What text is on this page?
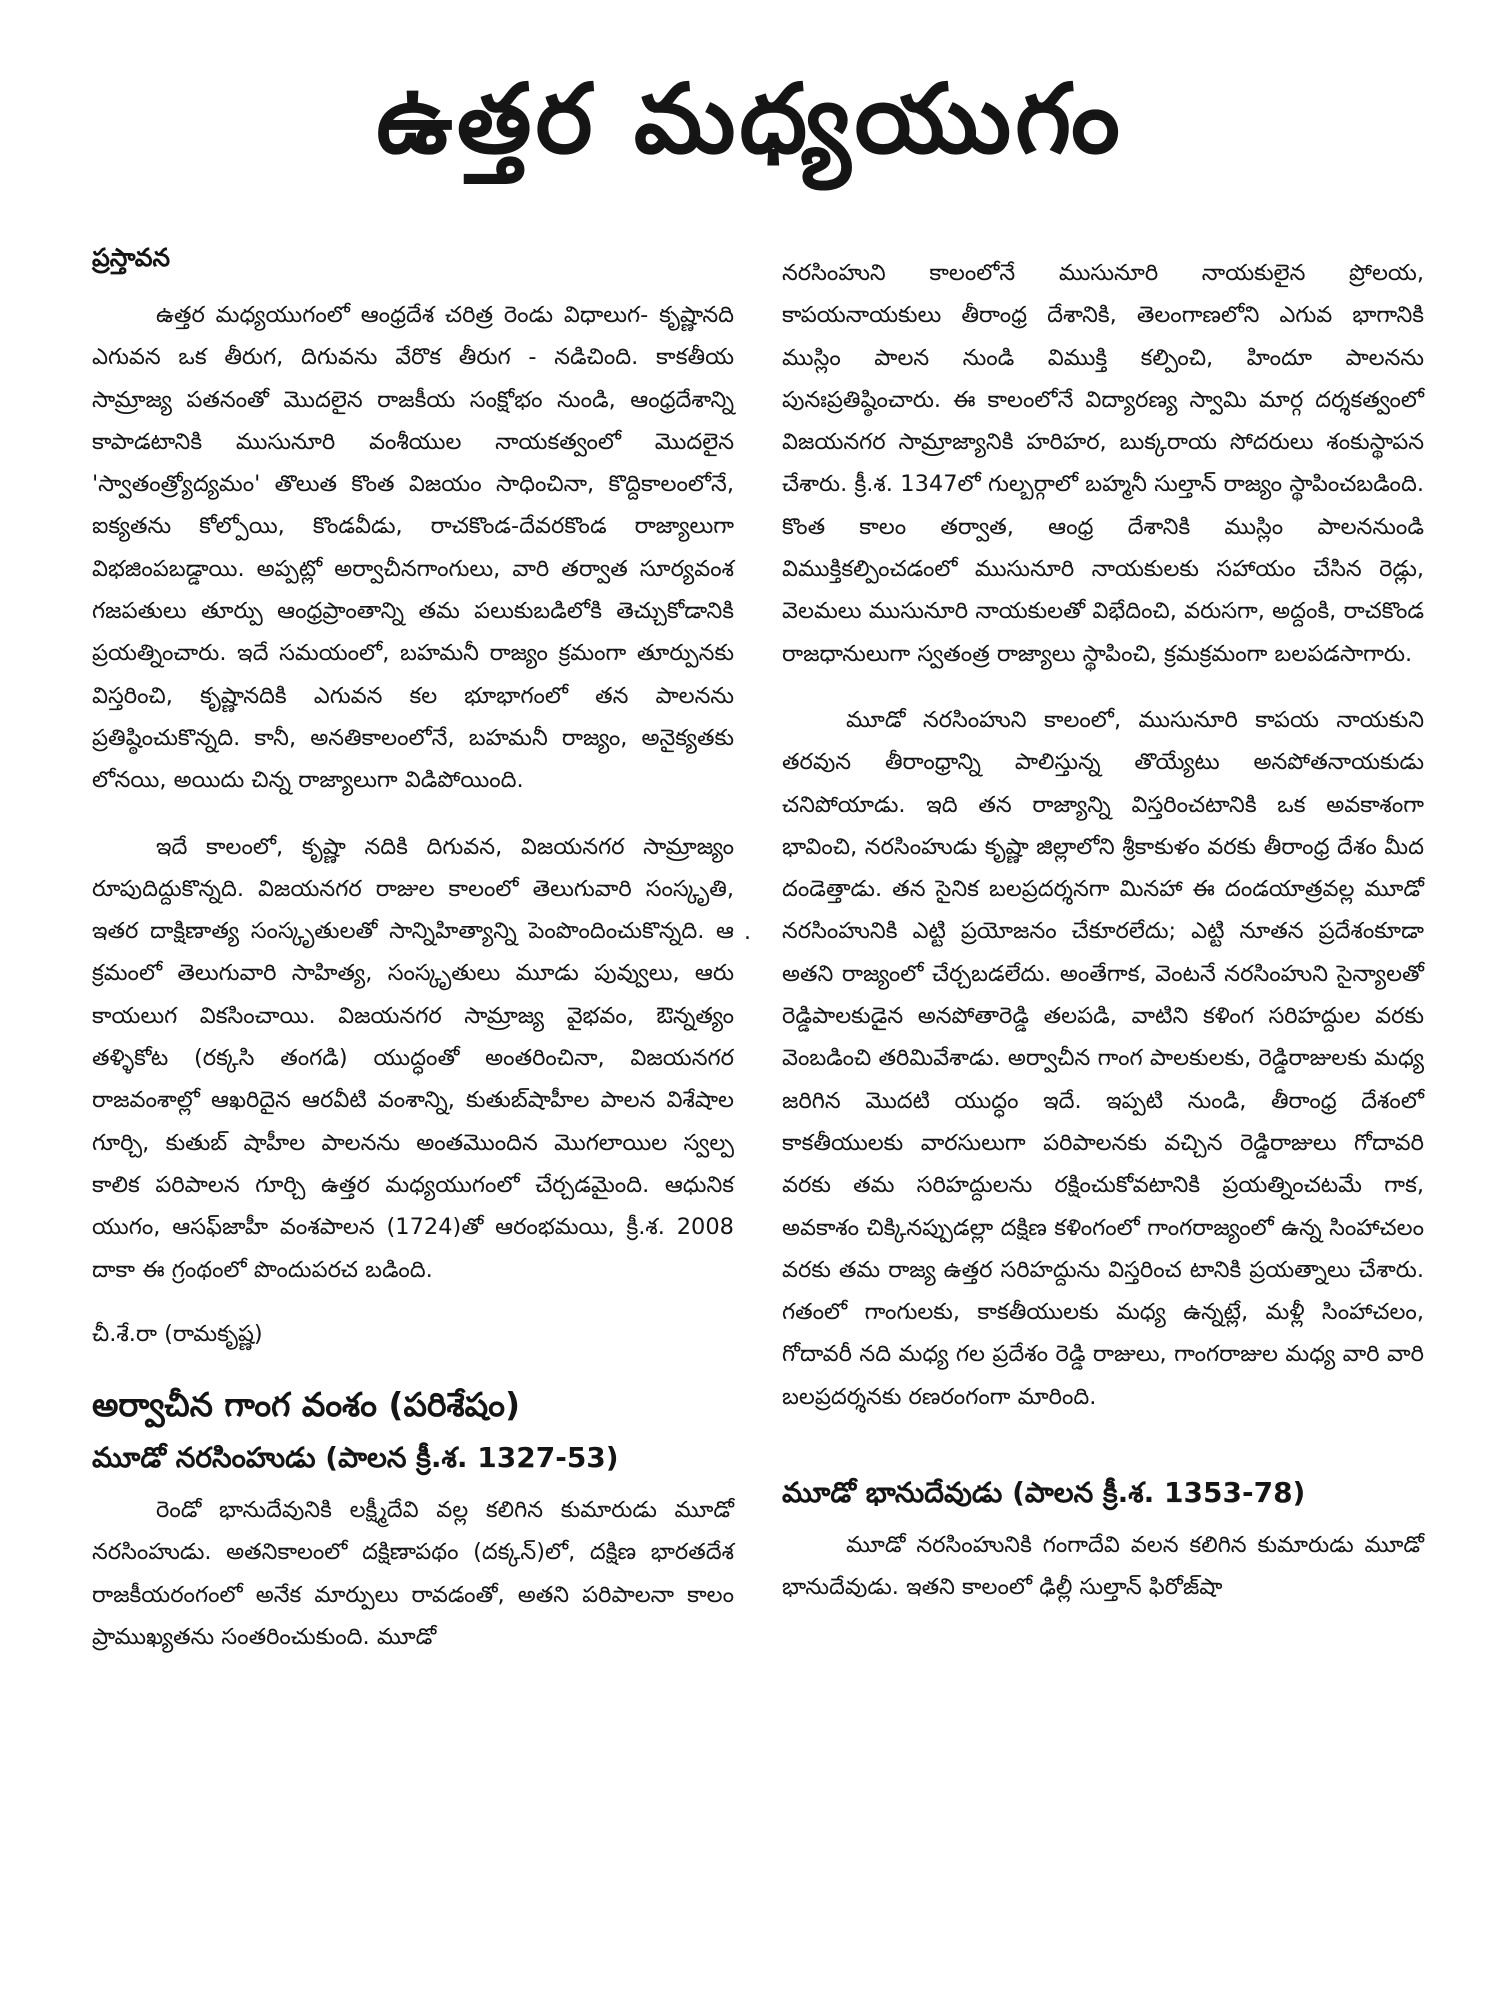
ఉత్తర మధ్యయుగం
ప్రస్తావన

ఉత్తర మధ్యయుగంలో ఆంధ్రదేశ చరిత్ర రెండు విధాలుగ- కృష్ణానది ఎగువన ఒక తీరుగ, దిగువను వేరొక తీరుగ - నడిచింది. కాకతీయ సామ్రాజ్య పతనంతో మొదలైన రాజకీయ సంక్షోభం నుండి, ఆంధ్రదేశాన్ని కాపాడటానికి ముసునూరి వంశీయుల నాయకత్వంలో మొదలైన 'స్వాతంత్ర్యోద్యమం' తొలుత కొంత విజయం సాధించినా, కొద్దికాలంలోనే, ఐక్యతను కోల్పోయి, కొండవీడు, రాచకొండ-దేవరకొండ రాజ్యాలుగా విభజింపబడ్డాయి. అప్పట్లో అర్వాచీనగాంగులు, వారి తర్వాత సూర్యవంశ గజపతులు తూర్పు ఆంధ్రప్రాంతాన్ని తమ పలుకుబడిలోకి తెచ్చుకోడానికి ప్రయత్నించారు. ఇదే సమయంలో, బహమనీ రాజ్యం క్రమంగా తూర్పునకు విస్తరించి, కృష్ణానదికి ఎగువన కల భూభాగంలో తన పాలనను ప్రతిష్ఠించుకొన్నది. కానీ, అనతికాలంలోనే, బహమనీ రాజ్యం, అనైక్యతకు లోనయి, అయిదు చిన్న రాజ్యాలుగా విడిపోయింది.

ఇదే కాలంలో, కృష్ణా నదికి దిగువన, విజయనగర సామ్రాజ్యం రూపుదిద్దుకొన్నది. విజయనగర రాజుల కాలంలో తెలుగువారి సంస్కృతి, ఇతర దాక్షిణాత్య సంస్కృతులతో సాన్నిహిత్యాన్ని పెంపొందించుకొన్నది. ఆ క్రమంలో తెలుగువారి సాహిత్య, సంస్కృతులు మూడు పువ్వులు, ఆరు కాయలుగ వికసించాయి. విజయనగర సామ్రాజ్య వైభవం, ఔన్నత్యం తళ్ళికోట (రక్కసి తంగడి) యుద్ధంతో అంతరించినా, విజయనగర రాజవంశాల్లో ఆఖరిదైన ఆరవీటి వంశాన్ని, కుతుబ్‌షాహీల పాలన విశేషాల గూర్చి, కుతుబ్ షాహీల పాలనను అంతమొందిన మొగలాయిల స్వల్ప కాలిక పరిపాలన గూర్చి ఉత్తర మధ్యయుగంలో చేర్చడమైంది. ఆధునిక యుగం, ఆసఫ్‌జాహీ వంశపాలన (1724)తో ఆరంభమయి, క్రీ.శ. 2008 దాకా ఈ గ్రంథంలో పొందుపరచ బడింది.

చీ.శే.రా (రామకృష్ణ)

అర్వాచీన గాంగ వంశం (పరిశేషం)
మూడో నరసింహుడు (పాలన క్రీ.శ. 1327-53)

రెండో భానుదేవునికి లక్ష్మీదేవి వల్ల కలిగిన కుమారుడు మూడో నరసింహుడు. అతనికాలంలో దక్షిణాపథం (దక్కన్)లో, దక్షిణ భారతదేశ రాజకీయరంగంలో అనేక మార్పులు రావడంతో, అతని పరిపాలనా కాలం ప్రాముఖ్యతను సంతరించుకుంది. మూడో

.

నరసింహుని కాలంలోనే ముసునూరి నాయకులైన ప్రోలయ, కాపయనాయకులు తీరాంధ్ర దేశానికి, తెలంగాణలోని ఎగువ భాగానికి ముస్లిం పాలన నుండి విముక్తి కల్పించి, హిందూ పాలనను పునఃప్రతిష్ఠించారు. ఈ కాలంలోనే విద్యారణ్య స్వామి మార్గ దర్శకత్వంలో విజయనగర సామ్రాజ్యానికి హరిహర, బుక్కరాయ సోదరులు శంకుస్థాపన చేశారు. క్రీ.శ. 1347లో గుల్బర్గాలో బహ్మనీ సుల్తాన్ రాజ్యం స్థాపించబడింది. కొంత కాలం తర్వాత, ఆంధ్ర దేశానికి ముస్లిం పాలననుండి విముక్తికల్పించడంలో ముసునూరి నాయకులకు సహాయం చేసిన రెడ్లు, వెలమలు ముసునూరి నాయకులతో విభేదించి, వరుసగా, అద్దంకి, రాచకొండ రాజధానులుగా స్వతంత్ర రాజ్యాలు స్థాపించి, క్రమక్రమంగా బలపడసాగారు.

మూడో నరసింహుని కాలంలో, ముసునూరి కాపయ నాయకుని తరవున తీరాంధ్రాన్ని పాలిస్తున్న తొయ్యేటు అనపోతనాయకుడు చనిపోయాడు. ఇది తన రాజ్యాన్ని విస్తరించటానికి ఒక అవకాశంగా భావించి, నరసింహుడు కృష్ణా జిల్లాలోని శ్రీకాకుళం వరకు తీరాంధ్ర దేశం మీద దండెత్తాడు. తన సైనిక బలప్రదర్శనగా మినహా ఈ దండయాత్రవల్ల మూడో నరసింహునికి ఎట్టి ప్రయోజనం చేకూరలేదు; ఎట్టి నూతన ప్రదేశంకూడా అతని రాజ్యంలో చేర్చబడలేదు. అంతేగాక, వెంటనే నరసింహుని సైన్యాలతో రెడ్డిపాలకుడైన అనపోతారెడ్డి తలపడి, వాటిని కళింగ సరిహద్దుల వరకు వెంబడించి తరిమివేశాడు. అర్వాచీన గాంగ పాలకులకు, రెడ్డిరాజులకు మధ్య జరిగిన మొదటి యుద్ధం ఇదే. ఇప్పటి నుండి, తీరాంధ్ర దేశంలో కాకతీయులకు వారసులుగా పరిపాలనకు వచ్చిన రెడ్డిరాజులు గోదావరి వరకు తమ సరిహద్దులను రక్షించుకోవటానికి ప్రయత్నించటమే గాక, అవకాశం చిక్కినప్పుడల్లా దక్షిణ కళింగంలో గాంగరాజ్యంలో ఉన్న సింహాచలం వరకు తమ రాజ్య ఉత్తర సరిహద్దును విస్తరించ టానికి ప్రయత్నాలు చేశారు. గతంలో గాంగులకు, కాకతీయులకు మధ్య ఉన్నట్లే, మళ్లీ సింహాచలం, గోదావరీ నది మధ్య గల ప్రదేశం రెడ్డి రాజులు, గాంగరాజుల మధ్య వారి వారి బలప్రదర్శనకు రణరంగంగా మారింది.

మూడో భానుదేవుడు (పాలన క్రీ.శ. 1353-78)

మూడో నరసింహునికి గంగాదేవి వలన కలిగిన కుమారుడు మూడో భానుదేవుడు. ఇతని కాలంలో ఢిల్లీ సుల్తాన్ ఫిరోజ్‌షా
